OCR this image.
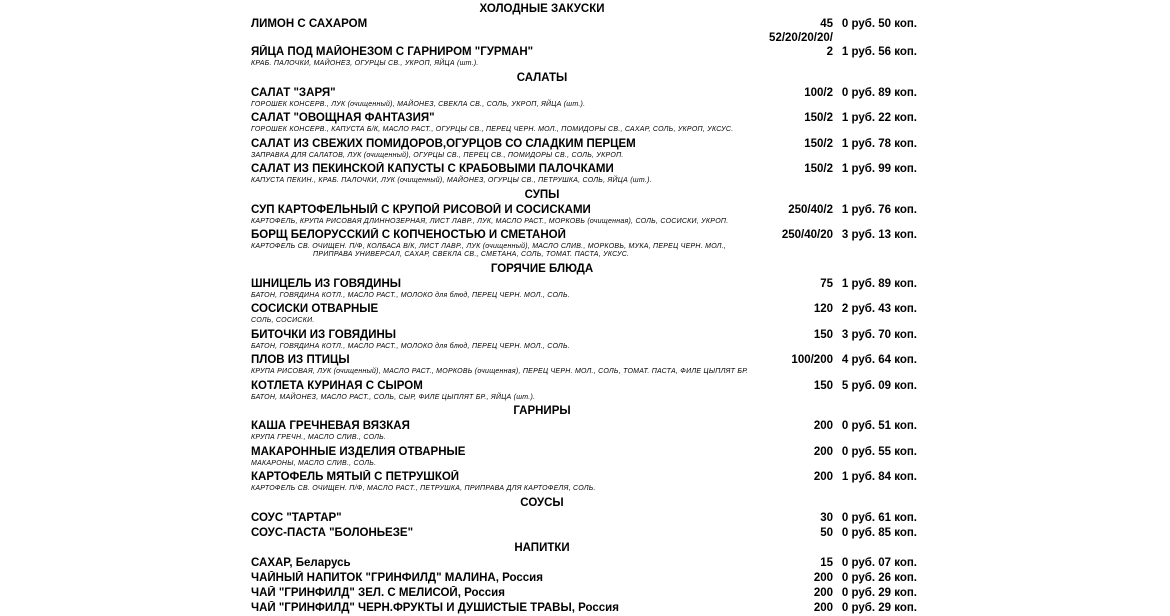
ХОЛОДНЫЕ ЗАКУСКИ
ЛИМОН С САХАРОМ	45 0 руб. 50 коп.
52/20/20/20/
ЯЙЦА ПОД МАЙОНЕЗОМ С ГАРНИРОМ "ГУРМАН"	2 1 руб. 56 коп.
КРАБ. ПАЛОЧКИ, МАЙОНЕЗ, ОГУРЦЫ СВ., УКРОП, ЯЙЦА (шт.).
САЛАТЫ
САЛАТ "ЗАРЯ"	100/2 0 руб. 89 коп.
ГОРОШЕК КОНСЕРВ., ЛУК (очищенный), МАЙОНЕЗ, СВЕКЛА СВ., СОЛЬ, УКРОП, ЯЙЦА (шт.).
САЛАТ "ОВОЩНАЯ ФАНТАЗИЯ"	150/2 1 руб. 22 коп.
ГОРОШЕК КОНСЕРВ., КАПУСТА Б/К, МАСЛО РАСТ., ОГУРЦЫ СВ., ПЕРЕЦ ЧЕРН. МОЛ., ПОМИДОРЫ СВ., САХАР, СОЛЬ, УКРОП, УКСУС.
САЛАТ ИЗ СВЕЖИХ ПОМИДОРОВ,ОГУРЦОВ СО СЛАДКИМ ПЕРЦЕМ	150/2 1 руб. 78 коп.
ЗАПРАВКА ДЛЯ САЛАТОВ, ЛУК (очищенный), ОГУРЦЫ СВ., ПЕРЕЦ СВ., ПОМИДОРЫ СВ., СОЛЬ, УКРОП.
САЛАТ ИЗ ПЕКИНСКОЙ КАПУСТЫ С КРАБОВЫМИ ПАЛОЧКАМИ	150/2 1 руб. 99 коп.
КАПУСТА ПЕКИН., КРАБ. ПАЛОЧКИ, ЛУК (очищенный), МАЙОНЕЗ, ОГУРЦЫ СВ., ПЕТРУШКА, СОЛЬ, ЯЙЦА (шт.).
СУПЫ
СУП КАРТОФЕЛЬНЫЙ С КРУПОЙ РИСОВОЙ И СОСИСКАМИ	250/40/2 1 руб. 76 коп.
КАРТОФЕЛЬ, КРУПА РИСОВАЯ ДЛИННОЗЕРНАЯ, ЛИСТ ЛАВР., ЛУК, МАСЛО РАСТ., МОРКОВЬ (очищенная), СОЛЬ, СОСИСКИ, УКРОП.
БОРЩ БЕЛОРУССКИЙ С КОПЧЕНОСТЬЮ И СМЕТАНОЙ	250/40/20 3 руб. 13 коп.
КАРТОФЕЛЬ СВ. ОЧИЩЕН. П/Ф, КОЛБАСА В/К, ЛИСТ ЛАВР., ЛУК (очищенный), МАСЛО СЛИВ., МОРКОВЬ, МУКА, ПЕРЕЦ ЧЕРН. МОЛ.,
ПРИПРАВА УНИВЕРСАЛ, САХАР, СВЕКЛА СВ., СМЕТАНА, СОЛЬ, ТОМАТ. ПАСТА, УКСУС.
ГОРЯЧИЕ БЛЮДА
ШНИЦЕЛЬ ИЗ ГОВЯДИНЫ	75 1 руб. 89 коп.
БАТОН, ГОВЯДИНА КОТЛ., МАСЛО РАСТ., МОЛОКО для блюд, ПЕРЕЦ ЧЕРН. МОЛ., СОЛЬ.
СОСИСКИ ОТВАРНЫЕ	120 2 руб. 43 коп.
СОЛЬ, СОСИСКИ.
БИТОЧКИ ИЗ ГОВЯДИНЫ	150 3 руб. 70 коп.
БАТОН, ГОВЯДИНА КОТЛ., МАСЛО РАСТ., МОЛОКО для блюд, ПЕРЕЦ ЧЕРН. МОЛ., СОЛЬ.
ПЛОВ ИЗ ПТИЦЫ	100/200 4 руб. 64 коп.
КРУПА РИСОВАЯ, ЛУК (очищенный), МАСЛО РАСТ., МОРКОВЬ (очищенная), ПЕРЕЦ ЧЕРН. МОЛ., СОЛЬ, ТОМАТ. ПАСТА, ФИЛЕ ЦЫПЛЯТ БР.
КОТЛЕТА КУРИНАЯ С СЫРОМ	150 5 руб. 09 коп.
БАТОН, МАЙОНЕЗ, МАСЛО РАСТ., СОЛЬ, СЫР, ФИЛЕ ЦЫПЛЯТ БР., ЯЙЦА (шт.).
ГАРНИРЫ
КАША ГРЕЧНЕВАЯ ВЯЗКАЯ	200 0 руб. 51 коп.
КРУПА ГРЕЧН., МАСЛО СЛИВ., СОЛЬ.
МАКАРОННЫЕ ИЗДЕЛИЯ ОТВАРНЫЕ	200 0 руб. 55 коп.
МАКАРОНЫ, МАСЛО СЛИВ., СОЛЬ.
КАРТОФЕЛЬ МЯТЫЙ С ПЕТРУШКОЙ	200 1 руб. 84 коп.
КАРТОФЕЛЬ СВ. ОЧИЩЕН. П/Ф, МАСЛО РАСТ., ПЕТРУШКА, ПРИПРАВА ДЛЯ КАРТОФЕЛЯ, СОЛЬ.
СОУСЫ
СОУС "ТАРТАР"	30 0 руб. 61 коп.
СОУС-ПАСТА "БОЛОНЬЕЗЕ"	50 0 руб. 85 коп.
НАПИТКИ
САХАР, Беларусь	15 0 руб. 07 коп.
ЧАЙНЫЙ НАПИТОК "ГРИНФИЛД" МАЛИНА, Россия	200 0 руб. 26 коп.
ЧАЙ "ГРИНФИЛД" ЗЕЛ. С МЕЛИСОЙ, Россия	200 0 руб. 29 коп.
ЧАЙ "ГРИНФИЛД" ЧЕРН.ФРУКТЫ И ДУШИСТЫЕ ТРАВЫ, Россия	200 0 руб. 29 коп.
